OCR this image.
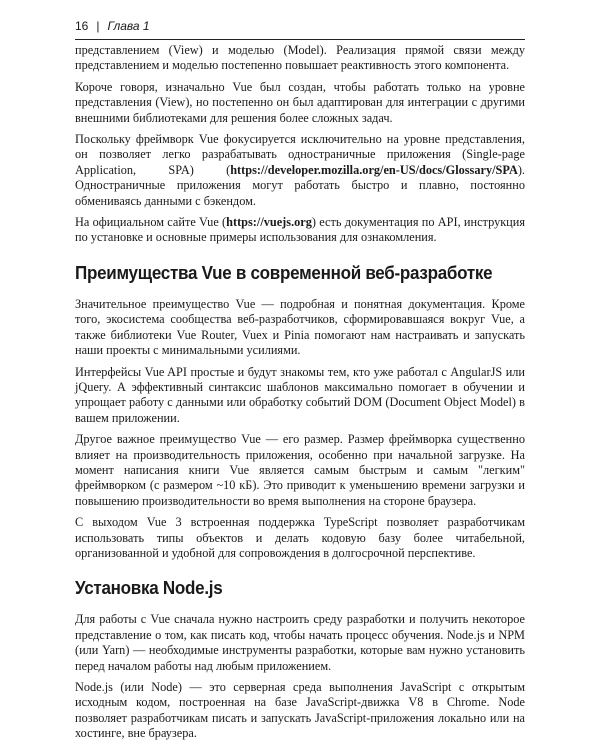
16 | Глава 1

представлением (View) и моделью (Model). Реализация прямой связи между представлением и моделью постепенно повышает реактивность этого компонента.

Короче говоря, изначально Vue был создан, чтобы работать только на уровне представления (View), но постепенно он был адаптирован для интеграции с другими внешними библиотеками для решения более сложных задач.

Поскольку фреймворк Vue фокусируется исключительно на уровне представления, он позволяет легко разрабатывать одностраничные приложения (Single-page Application, SPA) (https://developer.mozilla.org/en-US/docs/Glossary/SPA). Одностраничные приложения могут работать быстро и плавно, постоянно обмениваясь данными с бэкендом.

На официальном сайте Vue (https://vuejs.org) есть документация по API, инструкция по установке и основные примеры использования для ознакомления.

Преимущества Vue в современной веб-разработке

Значительное преимущество Vue — подробная и понятная документация. Кроме того, экосистема сообщества веб-разработчиков, сформировавшаяся вокруг Vue, а также библиотеки Vue Router, Vuex и Pinia помогают нам настраивать и запускать наши проекты с минимальными усилиями.

Интерфейсы Vue API простые и будут знакомы тем, кто уже работал с AngularJS или jQuery. А эффективный синтаксис шаблонов максимально помогает в обучении и упрощает работу с данными или обработку событий DOM (Document Object Model) в вашем приложении.

Другое важное преимущество Vue — его размер. Размер фреймворка существенно влияет на производительность приложения, особенно при начальной загрузке. На момент написания книги Vue является самым быстрым и самым "легким" фреймворком (с размером ~10 кБ). Это приводит к уменьшению времени загрузки и повышению производительности во время выполнения на стороне браузера.

С выходом Vue 3 встроенная поддержка TypeScript позволяет разработчикам использовать типы объектов и делать кодовую базу более читабельной, организованной и удобной для сопровождения в долгосрочной перспективе.

Установка Node.js

Для работы с Vue сначала нужно настроить среду разработки и получить некоторое представление о том, как писать код, чтобы начать процесс обучения. Node.js и NPM (или Yarn) — необходимые инструменты разработки, которые вам нужно установить перед началом работы над любым приложением.

Node.js (или Node) — это серверная среда выполнения JavaScript с открытым исходным кодом, построенная на базе JavaScript-движка V8 в Chrome. Node позволяет разработчикам писать и запускать JavaScript-приложения локально или на хостинге, вне браузера.
